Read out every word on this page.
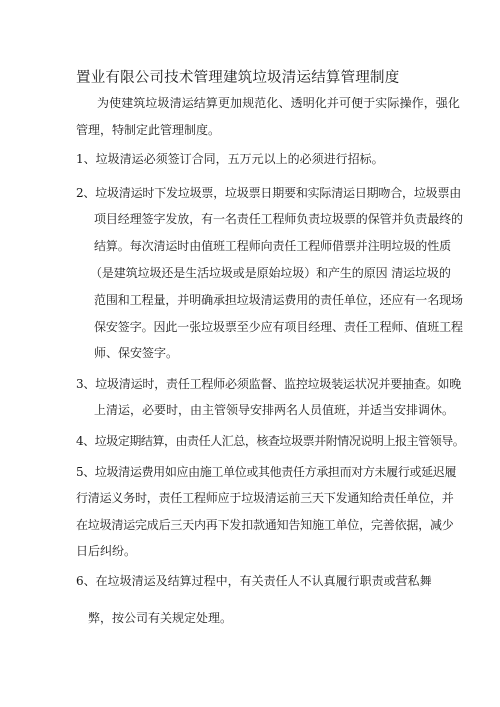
置业有限公司技术管理建筑垃圾清运结算管理制度
为使建筑垃圾清运结算更加规范化、透明化并可便于实际操作，强化
管理，特制定此管理制度。
1、垃圾清运必须签订合同，五万元以上的必须进行招标。
2、垃圾清运时下发垃圾票，垃圾票日期要和实际清运日期吻合，垃圾票由
项目经理签字发放，有一名责任工程师负责垃圾票的保管并负责最终的
结算。每次清运时由值班工程师向责任工程师借票并注明垃圾的性质
（是建筑垃圾还是生活垃圾或是原始垃圾）和产生的原因 清运垃圾的
范围和工程量，并明确承担垃圾清运费用的责任单位，还应有一名现场
保安签字。因此一张垃圾票至少应有项目经理、责任工程师、值班工程
师、保安签字。
3、垃圾清运时，责任工程师必须监督、监控垃圾装运状况并要抽查。如晚
上清运，必要时，由主管领导安排两名人员值班，并适当安排调休。
4、垃圾定期结算，由责任人汇总，核查垃圾票并附情况说明上报主管领导。
5、垃圾清运费用如应由施工单位或其他责任方承担而对方未履行或延迟履
行清运义务时，责任工程师应于垃圾清运前三天下发通知给责任单位，并
在垃圾清运完成后三天内再下发扣款通知告知施工单位，完善依据，减少
日后纠纷。
6、在垃圾清运及结算过程中，有关责任人不认真履行职责或营私舞
弊，按公司有关规定处理。
